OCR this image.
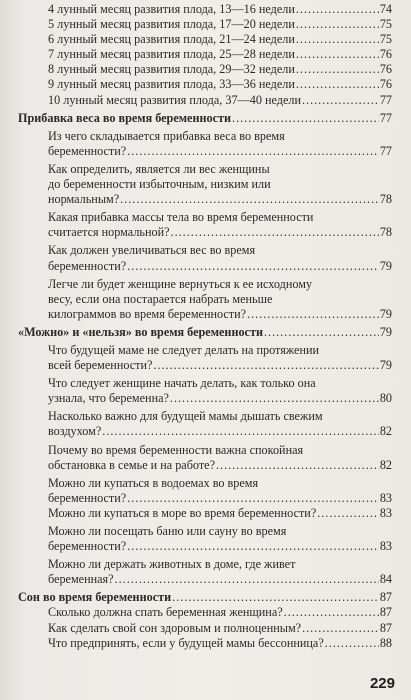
4 лунный месяц развития плода, 13—16 недели .....	74
5 лунный месяц развития плода, 17—20 недели .....	75
6 лунный месяц развития плода, 21—24 недели .....	75
7 лунный месяц развития плода, 25—28 недели .....	76
8 лунный месяц развития плода, 29—32 недели .....	76
9 лунный месяц развития плода, 33—36 недели .....	76
10 лунный месяц развития плода, 37—40 недели .....	77
Прибавка веса во время беременности .....	77
Из чего складывается прибавка веса во время
беременности? .....	77
Как определить, является ли вес женщины
до беременности избыточным, низким или
нормальным? .....	78
Какая прибавка массы тела во время беременности
считается нормальной? .....	78
Как должен увеличиваться вес во время
беременности? .....	79
Легче ли будет женщине вернуться к ее исходному
весу, если она постарается набрать меньше
килограммов во время беременности? .....	79
«Можно» и «нельзя» во время беременности .....	79
Что будущей маме не следует делать на протяжении
всей беременности? .....	79
Что следует женщине начать делать, как только она
узнала, что беременна? .....	80
Насколько важно для будущей мамы дышать свежим
воздухом? .....	82
Почему во время беременности важна спокойная
обстановка в семье и на работе? .....	82
Можно ли купаться в водоемах во время
беременности? .....	83
Можно ли купаться в море во время беременности? .....	83
Можно ли посещать баню или сауну во время
беременности? .....	83
Можно ли держать животных в доме, где живет
беременная? .....	84
Сон во время беременности .....	87
Сколько должна спать беременная женщина? .....	87
Как сделать свой сон здоровым и полноценным? .....	87
Что предпринять, если у будущей мамы бессонница? .....	88
229
